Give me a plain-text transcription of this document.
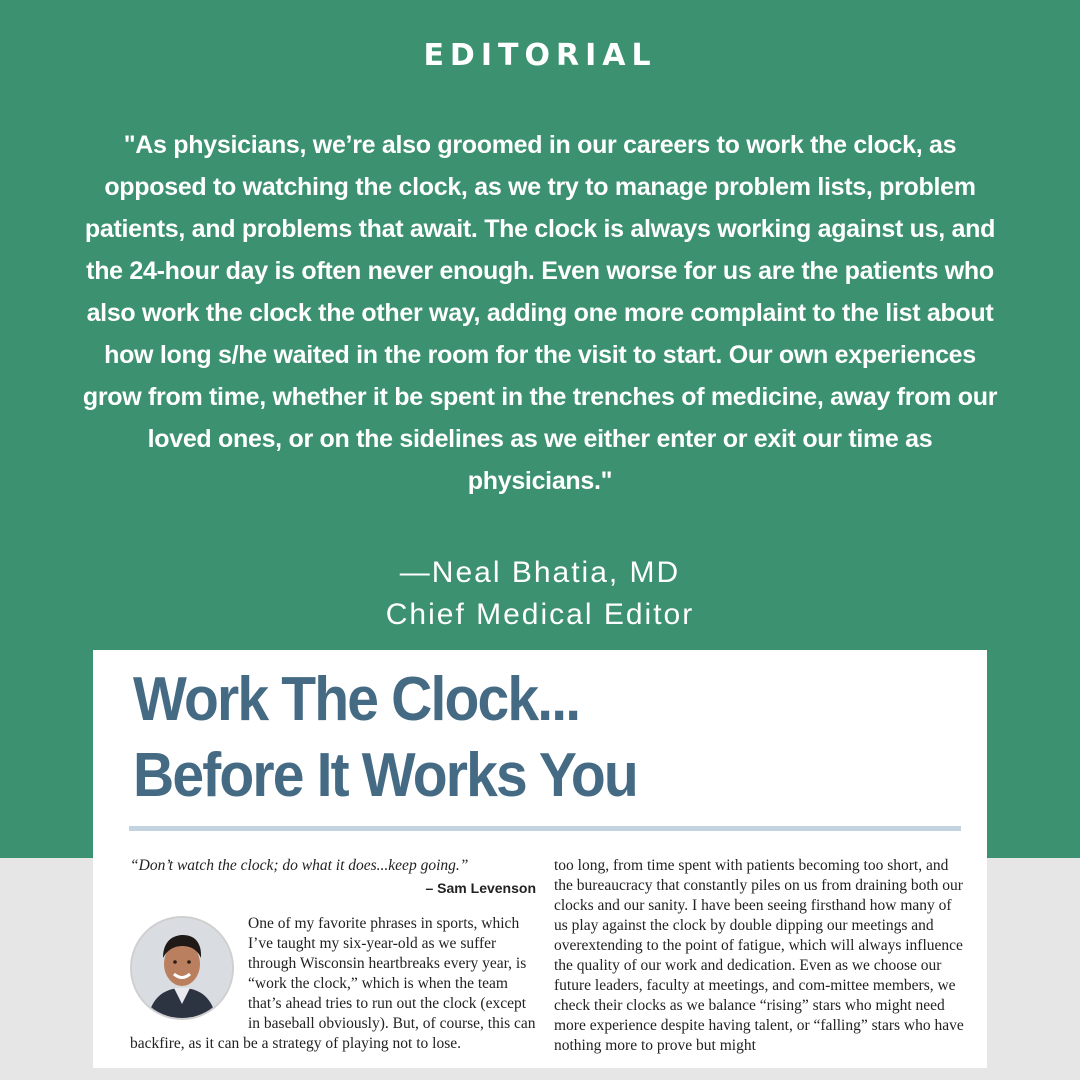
EDITORIAL

"As physicians, we’re also groomed in our careers to work the clock, as opposed to watching the clock, as we try to manage problem lists, problem patients, and problems that await. The clock is always working against us, and the 24-hour day is often never enough. Even worse for us are the patients who also work the clock the other way, adding one more complaint to the list about how long s/he waited in the room for the visit to start. Our own experiences grow from time, whether it be spent in the trenches of medicine, away from our loved ones, or on the sidelines as we either enter or exit our time as physicians."

—Neal Bhatia, MD
Chief Medical Editor
Work The Clock...
Before It Works You
“Don’t watch the clock; do what it does...keep going.”
– Sam Levenson
One of my favorite phrases in sports, which I’ve taught my six-year-old as we suffer through Wisconsin heartbreaks every year, is “work the clock,” which is when the team that’s ahead tries to run out the clock (except in baseball obviously). But, of course, this can backfire, as it can be a strategy of playing not to lose.
too long, from time spent with patients becoming too short, and the bureaucracy that constantly piles on us from draining both our clocks and our sanity. I have been seeing firsthand how many of us play against the clock by double dipping our meetings and overextending to the point of fatigue, which will always influence the quality of our work and dedication. Even as we choose our future leaders, faculty at meetings, and com-mittee members, we check their clocks as we balance “rising” stars who might need more experience despite having talent, or “falling” stars who have nothing more to prove but might
